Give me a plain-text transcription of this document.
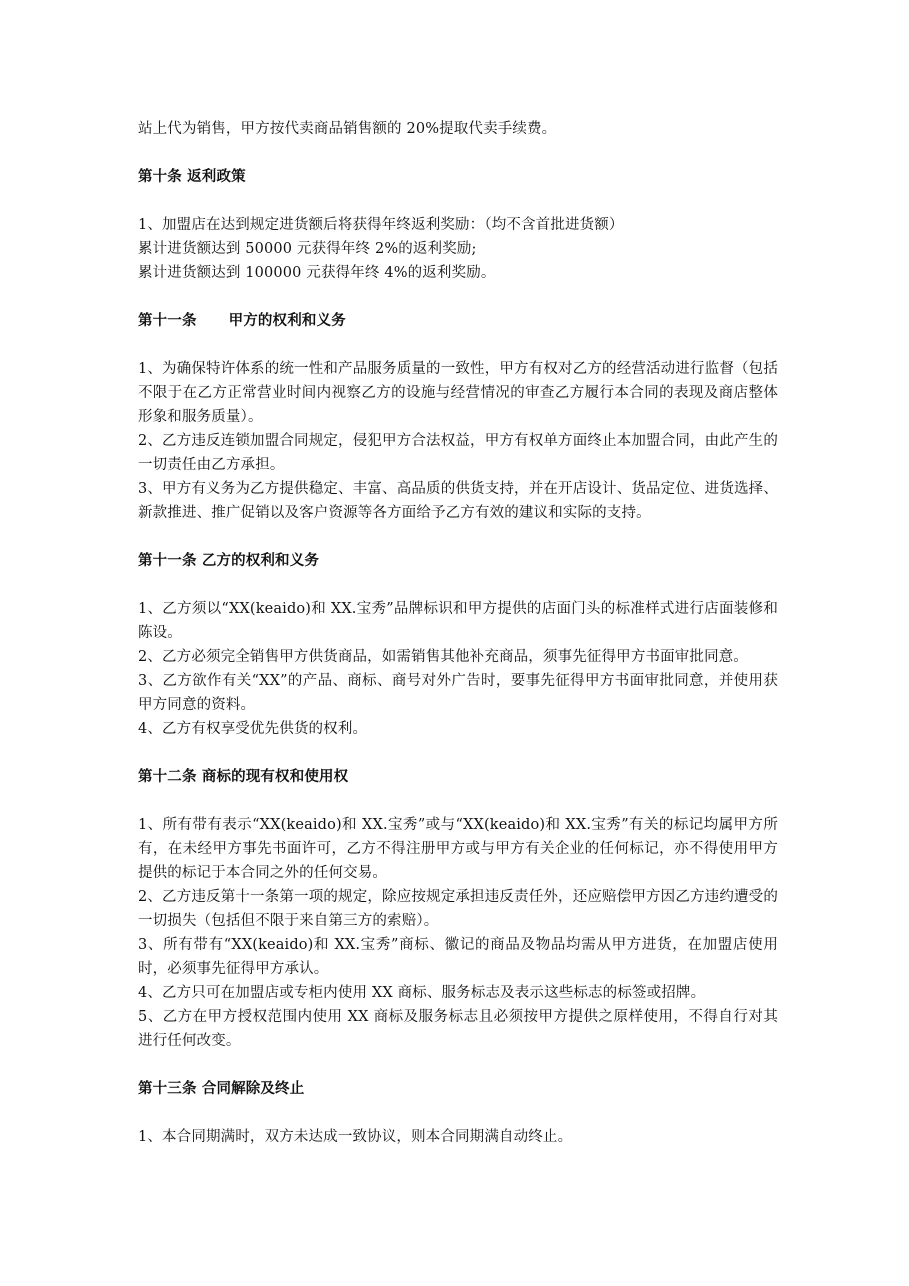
站上代为销售，甲方按代卖商品销售额的 20%提取代卖手续费。

第十条 返利政策

1、加盟店在达到规定进货额后将获得年终返利奖励：（均不含首批进货额）

累计进货额达到 50000 元获得年终 2%的返利奖励;

累计进货额达到 100000 元获得年终 4%的返利奖励。

第十一条 甲方的权利和义务

1、为确保特许体系的统一性和产品服务质量的一致性，甲方有权对乙方的经营活动进行监督（包括不限于在乙方正常营业时间内视察乙方的设施与经营情况的审查乙方履行本合同的表现及商店整体形象和服务质量）。

2、乙方违反连锁加盟合同规定，侵犯甲方合法权益，甲方有权单方面终止本加盟合同，由此产生的一切责任由乙方承担。

3、甲方有义务为乙方提供稳定、丰富、高品质的供货支持，并在开店设计、货品定位、进货选择、新款推进、推广促销以及客户资源等各方面给予乙方有效的建议和实际的支持。

第十一条 乙方的权利和义务

1、乙方须以“XX(keaido)和 XX.宝秀”品牌标识和甲方提供的店面门头的标准样式进行店面装修和陈设。

2、乙方必须完全销售甲方供货商品，如需销售其他补充商品，须事先征得甲方书面审批同意。

3、乙方欲作有关“XX”的产品、商标、商号对外广告时，要事先征得甲方书面审批同意，并使用获甲方同意的资料。

4、乙方有权享受优先供货的权利。

第十二条 商标的现有权和使用权

1、所有带有表示“XX(keaido)和 XX.宝秀”或与“XX(keaido)和 XX.宝秀”有关的标记均属甲方所有，在未经甲方事先书面许可，乙方不得注册甲方或与甲方有关企业的任何标记，亦不得使用甲方提供的标记于本合同之外的任何交易。

2、乙方违反第十一条第一项的规定，除应按规定承担违反责任外，还应赔偿甲方因乙方违约遭受的一切损失（包括但不限于来自第三方的索赔）。

3、所有带有“XX(keaido)和 XX.宝秀”商标、徽记的商品及物品均需从甲方进货，在加盟店使用时，必须事先征得甲方承认。

4、乙方只可在加盟店或专柜内使用 XX 商标、服务标志及表示这些标志的标签或招牌。

5、乙方在甲方授权范围内使用 XX 商标及服务标志且必须按甲方提供之原样使用，不得自行对其进行任何改变。

第十三条 合同解除及终止

1、本合同期满时，双方未达成一致协议，则本合同期满自动终止。
